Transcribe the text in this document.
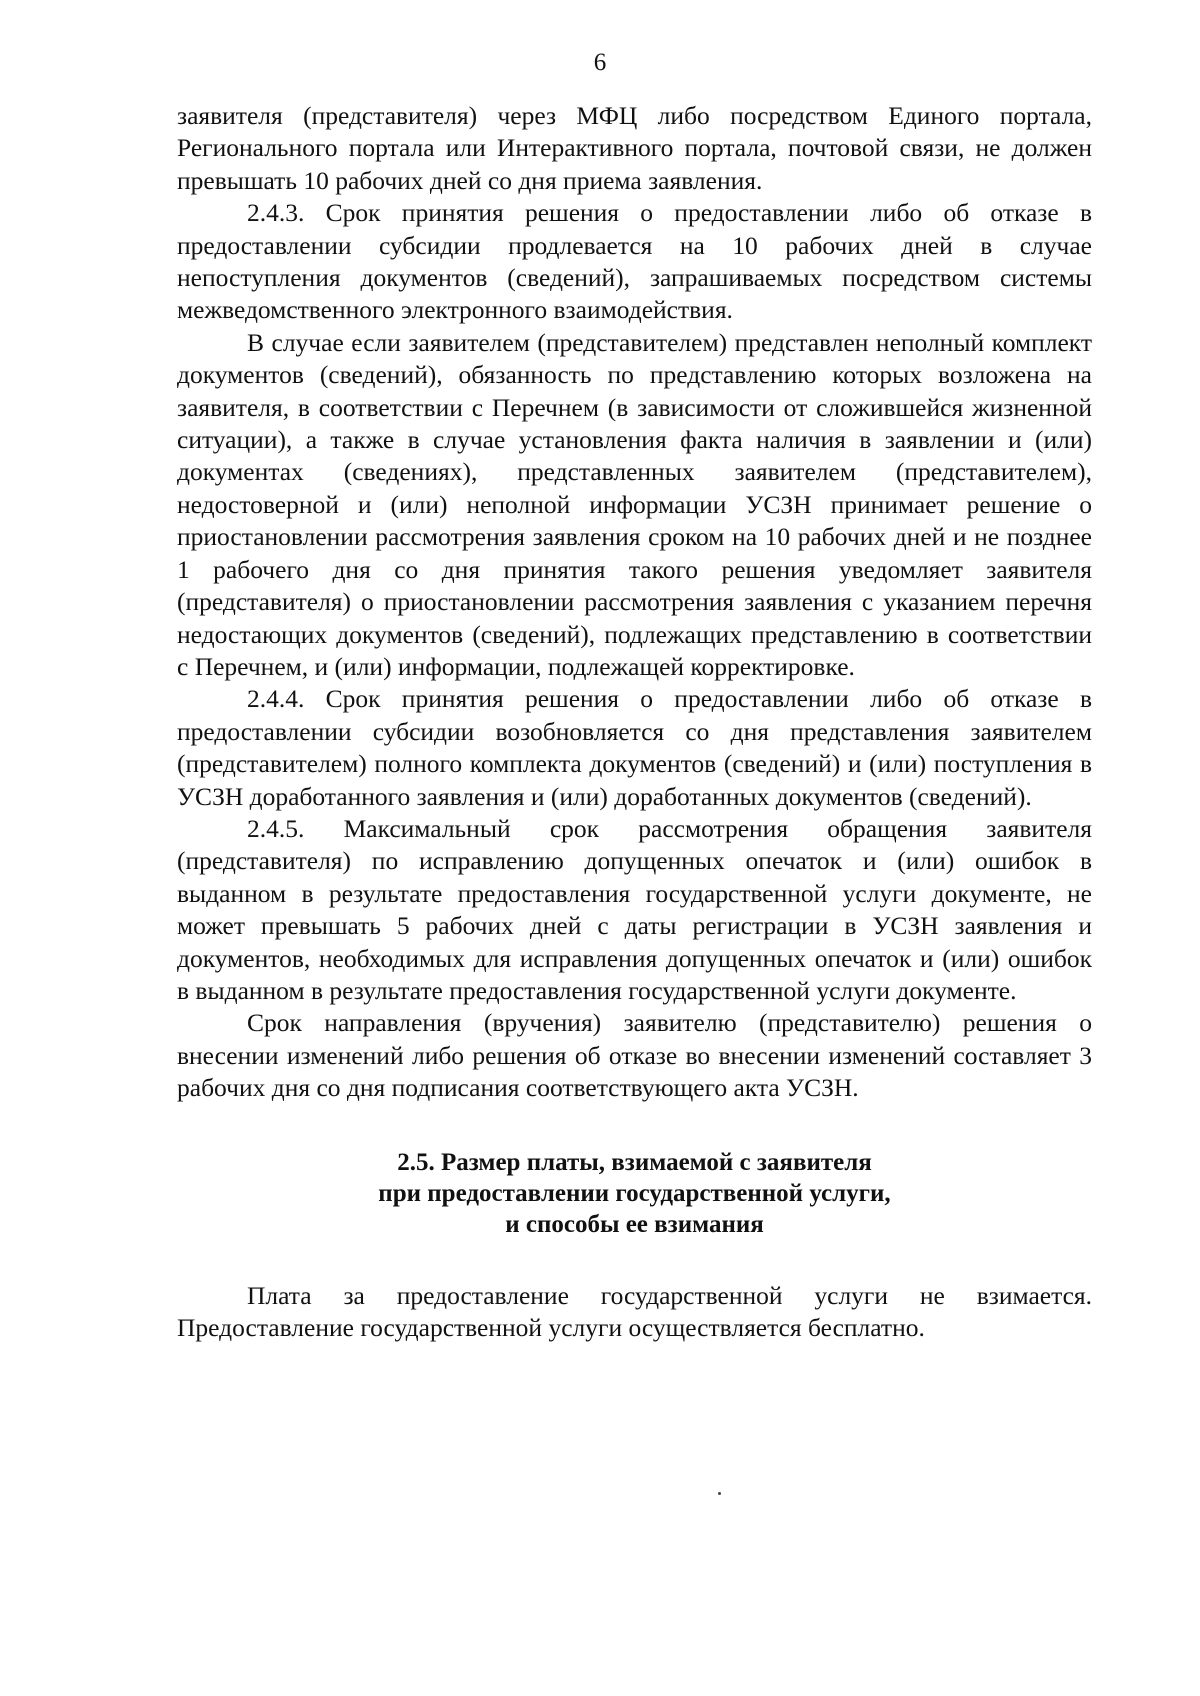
6

заявителя (представителя) через МФЦ либо посредством Единого портала, Регионального портала или Интерактивного портала, почтовой связи, не должен превышать 10 рабочих дней со дня приема заявления.

2.4.3. Срок принятия решения о предоставлении либо об отказе в предоставлении субсидии продлевается на 10 рабочих дней в случае непоступления документов (сведений), запрашиваемых посредством системы межведомственного электронного взаимодействия.

В случае если заявителем (представителем) представлен неполный комплект документов (сведений), обязанность по представлению которых возложена на заявителя, в соответствии с Перечнем (в зависимости от сложившейся жизненной ситуации), а также в случае установления факта наличия в заявлении и (или) документах (сведениях), представленных заявителем (представителем), недостоверной и (или) неполной информации УСЗН принимает решение о приостановлении рассмотрения заявления сроком на 10 рабочих дней и не позднее 1 рабочего дня со дня принятия такого решения уведомляет заявителя (представителя) о приостановлении рассмотрения заявления с указанием перечня недостающих документов (сведений), подлежащих представлению в соответствии с Перечнем, и (или) информации, подлежащей корректировке.

2.4.4. Срок принятия решения о предоставлении либо об отказе в предоставлении субсидии возобновляется со дня представления заявителем (представителем) полного комплекта документов (сведений) и (или) поступления в УСЗН доработанного заявления и (или) доработанных документов (сведений).

2.4.5. Максимальный срок рассмотрения обращения заявителя (представителя) по исправлению допущенных опечаток и (или) ошибок в выданном в результате предоставления государственной услуги документе, не может превышать 5 рабочих дней с даты регистрации в УСЗН заявления и документов, необходимых для исправления допущенных опечаток и (или) ошибок в выданном в результате предоставления государственной услуги документе.

Срок направления (вручения) заявителю (представителю) решения о внесении изменений либо решения об отказе во внесении изменений составляет 3 рабочих дня со дня подписания соответствующего акта УСЗН.

2.5. Размер платы, взимаемой с заявителя
при предоставлении государственной услуги,
и способы ее взимания

Плата за предоставление государственной услуги не взимается. Предоставление государственной услуги осуществляется бесплатно.
